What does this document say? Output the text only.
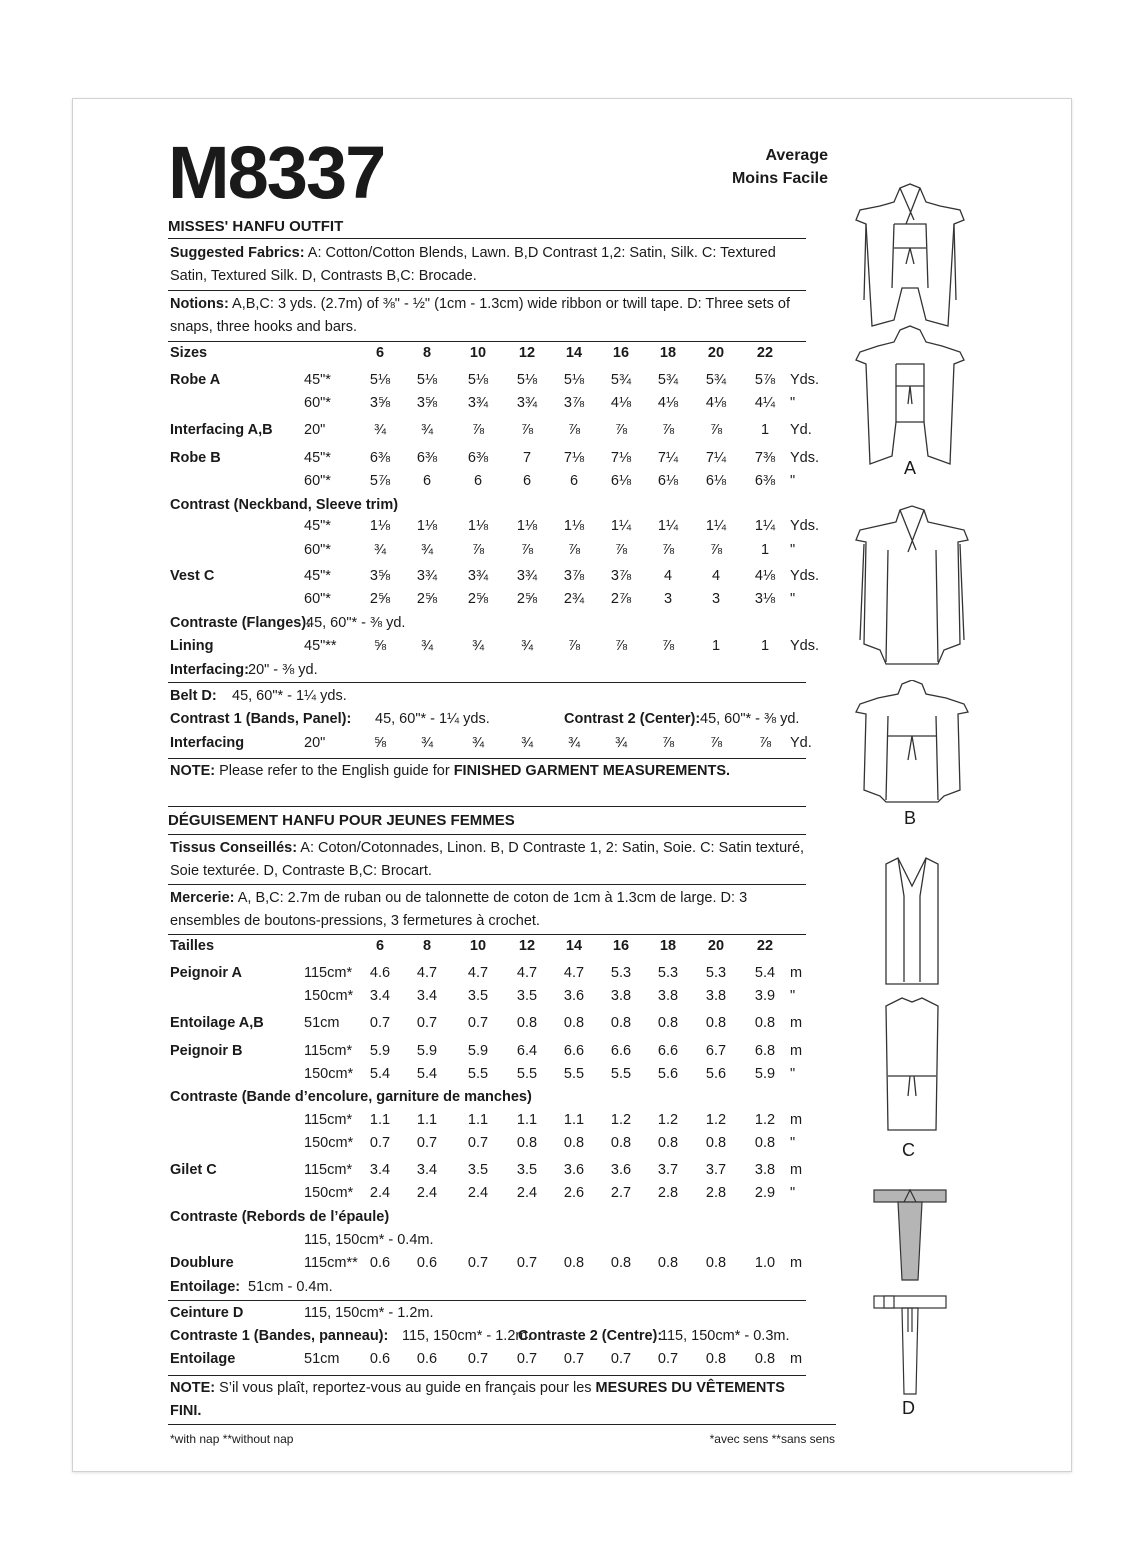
M8337	Average
Moins Facile
MISSES' HANFU OUTFIT
Suggested Fabrics: A: Cotton/Cotton Blends, Lawn. B,D Contrast 1,2: Satin, Silk. C: Textured Satin, Textured Silk. D, Contrasts B,C: Brocade.
Notions: A,B,C: 3 yds. (2.7m) of ⅜" - ½" (1cm - 1.3cm) wide ribbon or twill tape. D: Three sets of snaps, three hooks and bars.
Sizes	6	8	10	12	14	16	18	20	22
Robe A	45"*	5⅛	5⅛	5⅛	5⅛	5⅛	5¾	5¾	5¾	5⅞	Yds.
60"*	3⅝	3⅝	3¾	3¾	3⅞	4⅛	4⅛	4⅛	4¼	"
Interfacing A,B 20"	¾	¾	⅞	⅞	⅞	⅞	⅞	⅞	1	Yd.
Robe B	45"*	6⅜	6⅜	6⅜	7	7⅛	7⅛	7¼	7¼	7⅜	Yds.
60"*	5⅞	6	6	6	6	6⅛	6⅛	6⅛	6⅜	"
Contrast (Neckband, Sleeve trim)
45"*	1⅛	1⅛	1⅛	1⅛	1⅛	1¼	1¼	1¼	1¼	Yds.
60"*	¾	¾	⅞	⅞	⅞	⅞	⅞	⅞	1	"
Vest C	45"*	3⅝	3¾	3¾	3¾	3⅞	3⅞	4	4	4⅛	Yds.
60"*	2⅝	2⅝	2⅝	2⅝	2¾	2⅞	3	3	3⅛	"
Contraste (Flanges):
45, 60"* - ⅜ yd.
Lining	45"**	⅝	¾	¾	¾	⅞	⅞	⅞	1	1	Yds.
Interfacing: 20" - ⅜ yd.
Belt D: 45, 60"* - 1¼ yds.
Contrast 1 (Bands, Panel): 45, 60"* - 1¼ yds.	Contrast 2 (Center): 45, 60"* - ⅜ yd.
Interfacing	20"	⅝	¾	¾	¾	¾	¾	⅞	⅞	⅞	Yd.
NOTE: Please refer to the English guide for FINISHED GARMENT MEASUREMENTS.
DÉGUISEMENT HANFU POUR JEUNES FEMMES
Tissus Conseillés: A: Coton/Cotonnades, Linon. B, D Contraste 1, 2: Satin, Soie. C: Satin texturé, Soie texturée. D, Contraste B,C: Brocart.
Mercerie: A, B,C: 2.7m de ruban ou de talonnette de coton de 1cm à 1.3cm de large. D: 3 ensembles de boutons-pressions, 3 fermetures à crochet.
Tailles	6	8	10	12	14	16	18	20	22
Peignoir A	115cm*	4.6	4.7	4.7	4.7	4.7	5.3	5.3	5.3	5.4	m
150cm*	3.4	3.4	3.5	3.5	3.6	3.8	3.8	3.8	3.9	"
Entoilage A,B	51cm	0.7	0.7	0.7	0.8	0.8	0.8	0.8	0.8	0.8	m
Peignoir B	115cm*	5.9	5.9	5.9	6.4	6.6	6.6	6.6	6.7	6.8	m
150cm*	5.4	5.4	5.5	5.5	5.5	5.5	5.6	5.6	5.9	"
Contraste (Bande d’encolure, garniture de manches)
115cm*	1.1	1.1	1.1	1.1	1.1	1.2	1.2	1.2	1.2	m
150cm*	0.7	0.7	0.7	0.8	0.8	0.8	0.8	0.8	0.8	"
Gilet C	115cm*	3.4	3.4	3.5	3.5	3.6	3.6	3.7	3.7	3.8	m
150cm*	2.4	2.4	2.4	2.4	2.6	2.7	2.8	2.8	2.9	"
Contraste (Rebords de l’épaule)
115, 150cm* - 0.4m.
Doublure	115cm** 0.6	0.6	0.7	0.7	0.8	0.8	0.8	0.8	1.0	m
Entoilage: 51cm - 0.4m.
Ceinture D	115, 150cm* - 1.2m.
Contraste 1 (Bandes, panneau): 115, 150cm* - 1.2m.
Contraste 2 (Centre):
115, 150cm* - 0.3m.
Entoilage	51cm	0.6	0.6	0.7	0.7	0.7	0.7	0.7	0.8	0.8	m
NOTE: S’il vous plaît, reportez-vous au guide en français pour les MESURES DU VÊTEMENTS FINI.
*with nap **without nap	*avec sens **sans sens
A
B
C
D
